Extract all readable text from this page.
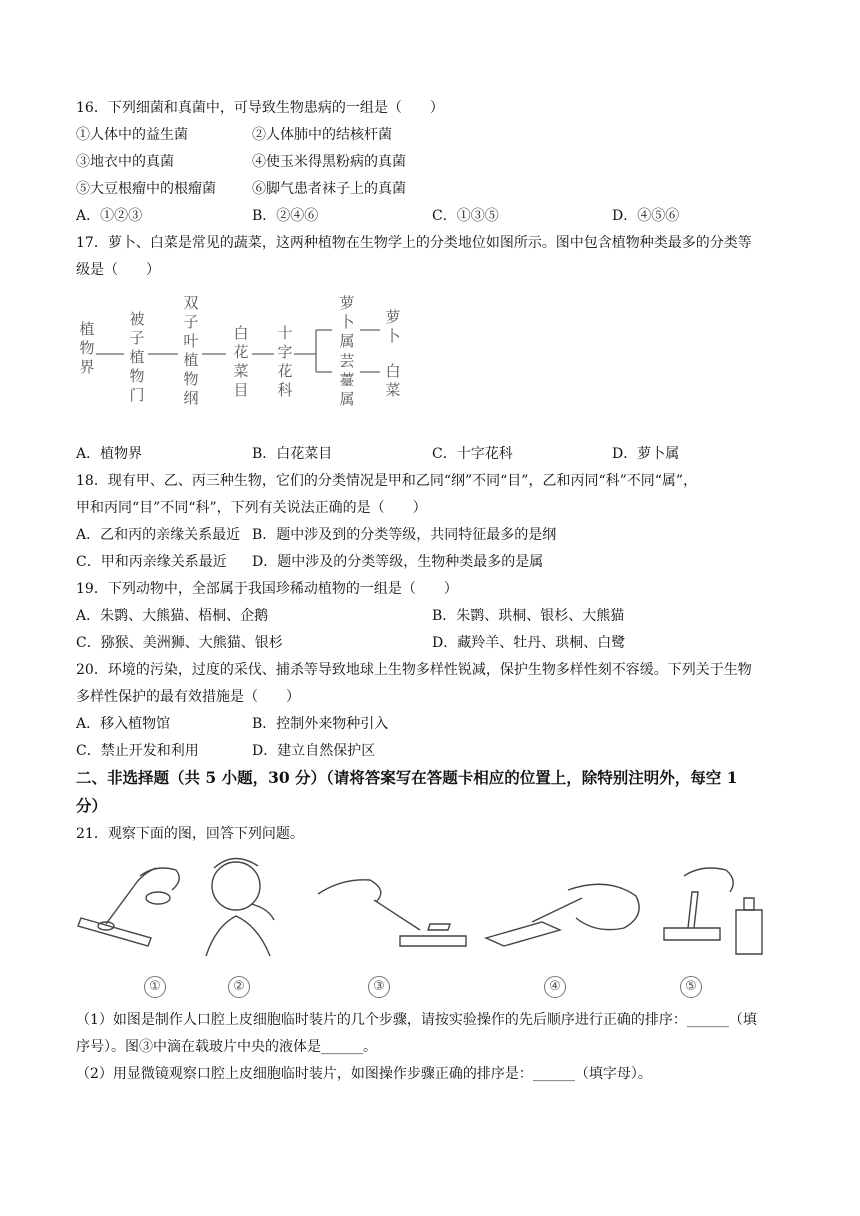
16．下列细菌和真菌中，可导致生物患病的一组是（　　）
①人体中的益生菌	②人体肺中的结核杆菌
③地衣中的真菌	④使玉米得黑粉病的真菌
⑤大豆根瘤中的根瘤菌	⑥脚气患者袜子上的真菌
A．①②③	B．②④⑥	C．①③⑤	D．④⑤⑥
17．萝卜、白菜是常见的蔬菜，这两种植物在生物学上的分类地位如图所示。图中包含植物种类最多的分类等
级是（　　）
植物界
被子植物门
双子叶植物纲
白花菜目
十字花科
萝卜属
芸薹属
萝卜
白菜
A．植物界	B．白花菜目	C．十字花科	D．萝卜属
18．现有甲、乙、丙三种生物，它们的分类情况是甲和乙同“纲”不同“目”，乙和丙同“科”不同“属”，
甲和丙同“目”不同“科”，下列有关说法正确的是（　　）
A．乙和丙的亲缘关系最近 B．题中涉及到的分类等级，共同特征最多的是纲
C．甲和丙亲缘关系最近 D．题中涉及的分类等级，生物种类最多的是属
19．下列动物中，全部属于我国珍稀动植物的一组是（　　）
A．朱鹮、大熊猫、梧桐、企鹅	B．朱鹮、珙桐、银杉、大熊猫
C．猕猴、美洲狮、大熊猫、银杉	D．藏羚羊、牡丹、珙桐、白鹭
20．环境的污染，过度的采伐、捕杀等导致地球上生物多样性锐减，保护生物多样性刻不容缓。下列关于生物
多样性保护的最有效措施是（　　）
A．移入植物馆	B．控制外来物种引入
C．禁止开发和利用	D．建立自然保护区
二、非选择题（共 5 小题，30 分）（请将答案写在答题卡相应的位置上，除特别注明外，每空 1
分）
21．观察下面的图，回答下列问题。
①	②	③	④	⑤
（1）如图是制作人口腔上皮细胞临时装片的几个步骤，请按实验操作的先后顺序进行正确的排序：______（填
序号）。图③中滴在载玻片中央的液体是______。
（2）用显微镜观察口腔上皮细胞临时装片，如图操作步骤正确的排序是：______（填字母）。
